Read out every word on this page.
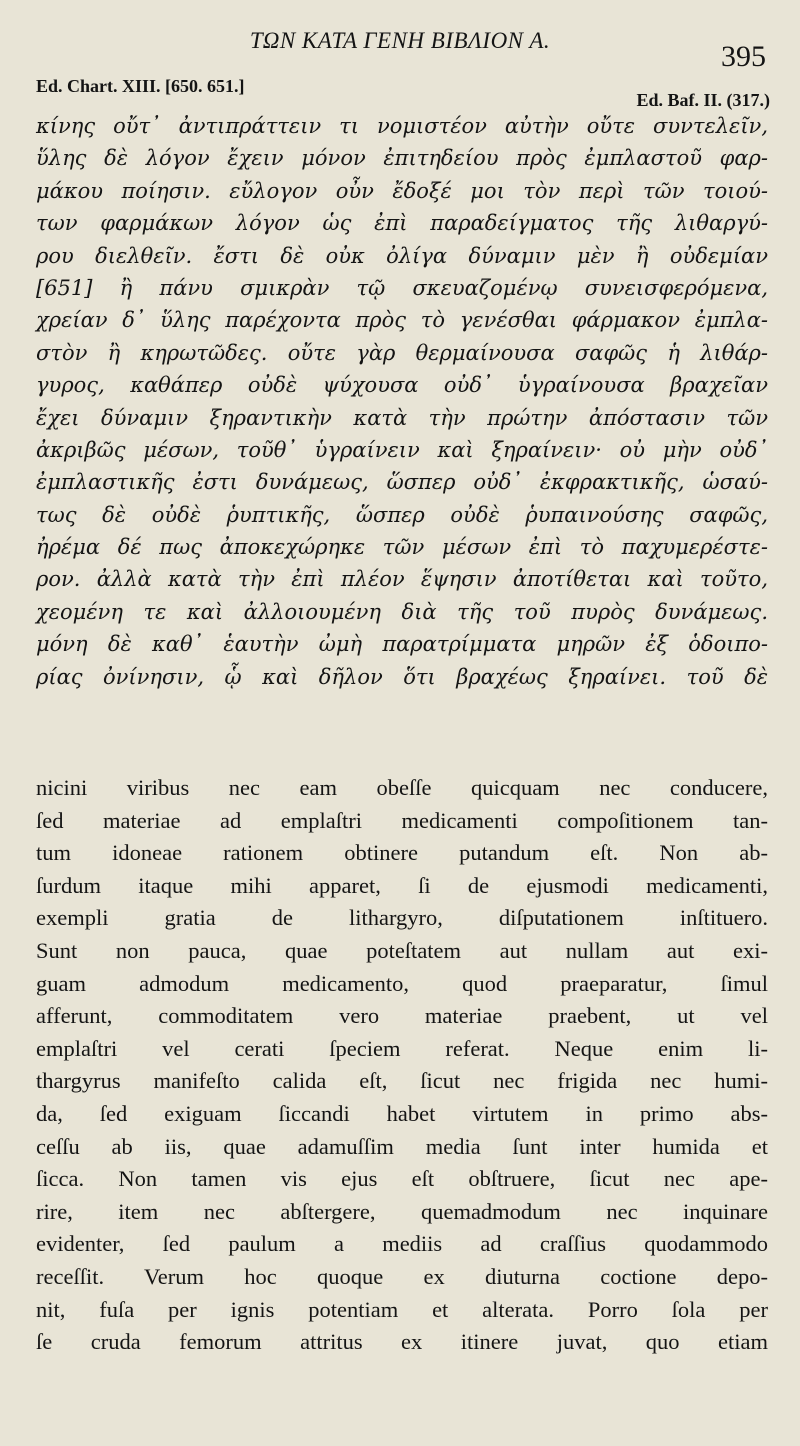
ΤΩΝ ΚΑΤΑ ΓΕΝΗ ΒΙΒΛΙΟΝ Α.	395
Ed. Chart. XIII. [650. 651.]
Ed. Baf. II. (317.)
κίνης οὔτ᾽ ἀντιπράττειν τι νομιστέον αὐτὴν οὔτε συντελεῖν,
ὕλης δὲ λόγον ἔχειν μόνον ἐπιτηδείου πρὸς ἐμπλαστοῦ φαρ-
μάκου ποίησιν. εὔλογον οὖν ἔδοξέ μοι τὸν περὶ τῶν τοιού-
των φαρμάκων λόγον ὡς ἐπὶ παραδείγματος τῆς λιθαργύ-
ρου διελθεῖν. ἔστι δὲ οὐκ ὀλίγα δύναμιν μὲν ἢ οὐδεμίαν
[651] ἢ πάνυ σμικρὰν τῷ σκευαζομένῳ συνεισφερόμενα,
χρείαν δ᾽ ὕλης παρέχοντα πρὸς τὸ γενέσθαι φάρμακον ἐμπλα-
στὸν ἢ κηρωτῶδες. οὔτε γὰρ θερμαίνουσα σαφῶς ἡ λιθάρ-
γυρος, καθάπερ οὐδὲ ψύχουσα οὐδ᾽ ὑγραίνουσα βραχεῖαν
ἔχει δύναμιν ξηραντικὴν κατὰ τὴν πρώτην ἀπόστασιν τῶν
ἀκριβῶς μέσων, τοῦθ᾽ ὑγραίνειν καὶ ξηραίνειν· οὐ μὴν οὐδ᾽
ἐμπλαστικῆς ἐστι δυνάμεως, ὥσπερ οὐδ᾽ ἐκφρακτικῆς, ὡσαύ-
τως δὲ οὐδὲ ῥυπτικῆς, ὥσπερ οὐδὲ ῥυπαινούσης σαφῶς,
ἠρέμα δέ πως ἀποκεχώρηκε τῶν μέσων ἐπὶ τὸ παχυμερέστε-
ρον. ἀλλὰ κατὰ τὴν ἐπὶ πλέον ἕψησιν ἀποτίθεται καὶ τοῦτο,
χεομένη τε καὶ ἀλλοιουμένη διὰ τῆς τοῦ πυρὸς δυνάμεως.
μόνη δὲ καθ᾽ ἑαυτὴν ὠμὴ παρατρίμματα μηρῶν ἐξ ὁδοιπο-
ρίας ὀνίνησιν, ᾧ καὶ δῆλον ὅτι βραχέως ξηραίνει. τοῦ δὲ
nicini viribus nec eam obeſſe quicquam nec conducere,
ſed materiae ad emplaſtri medicamenti compoſitionem tan-
tum idoneae rationem obtinere putandum eſt. Non ab-
ſurdum itaque mihi apparet, ſi de ejusmodi medicamenti,
exempli gratia de lithargyro, diſputationem inſtituero.
Sunt non pauca, quae poteſtatem aut nullam aut exi-
guam admodum medicamento, quod praeparatur, ſimul
afferunt, commoditatem vero materiae praebent, ut vel
emplaſtri vel cerati ſpeciem referat. Neque enim li-
thargyrus manifeſto calida eſt, ſicut nec frigida nec humi-
da, ſed exiguam ſiccandi habet virtutem in primo abs-
ceſſu ab iis, quae adamuſſim media ſunt inter humida et
ſicca. Non tamen vis ejus eſt obſtruere, ſicut nec ape-
rire, item nec abſtergere, quemadmodum nec inquinare
evidenter, ſed paulum a mediis ad craſſius quodammodo
receſſit. Verum hoc quoque ex diuturna coctione depo-
nit, fuſa per ignis potentiam et alterata. Porro ſola per
ſe cruda femorum attritus ex itinere juvat, quo etiam
